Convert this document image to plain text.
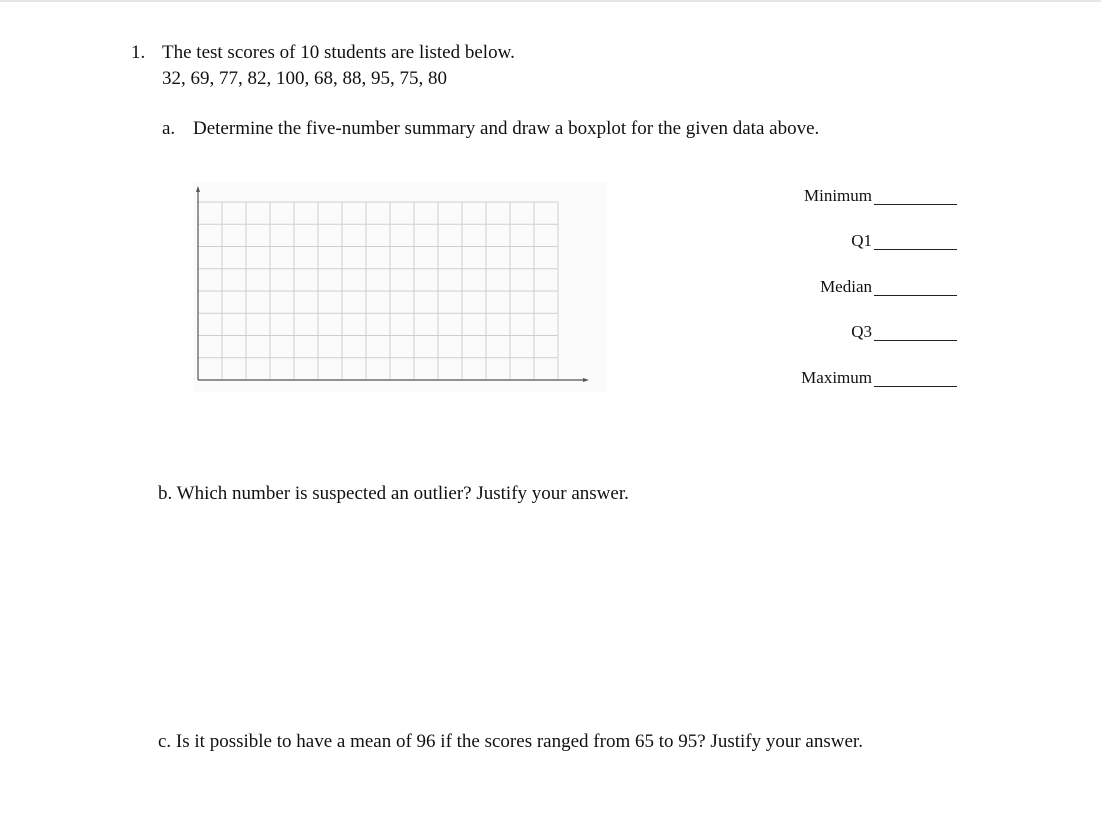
1. The test scores of 10 students are listed below.
32, 69, 77, 82, 100, 68, 88, 95, 75, 80
a. Determine the five-number summary and draw a boxplot for the given data above.
Minimum
Q1
Median
Q3
Maximum
b. Which number is suspected an outlier? Justify your answer.
c. Is it possible to have a mean of 96 if the scores ranged from 65 to 95? Justify your answer.
